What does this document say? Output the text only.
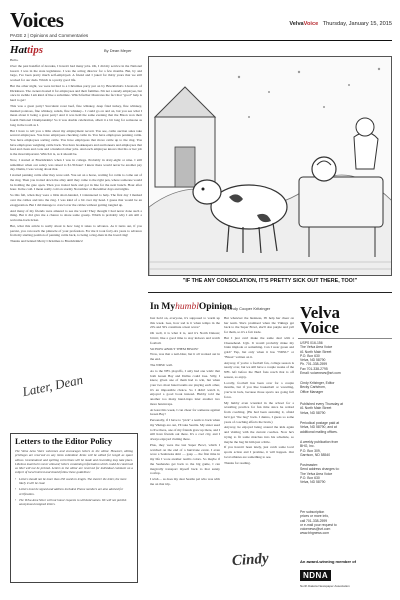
Voices	VelvaVoice Thursday, January 15, 2015
PAGE 2 | Opinions and Commentaries
Hattips	By Dean Meyer

Hello.

Over the past handful of decades, I haven't had many jobs. Oh, I did my service in the National Guard. I was in the state legislature. I was the acting director for a few months. But, by and large, I've been pretty much self-employed. A friend and I joked for thirty years that we still worked for our dads. Which is a pretty good life.

But the other night, we were invited to a Christmas party put on by Bruckbrink's Livestock of Dickinson. The owners hosted it for employees and their families. I'm not a steady employee, but once in awhile I am kind of like a substitute. Which further illustrates the fact that "good" help is hard to get!

This was a great party! Succulent roast beef, fine whiskey, deep fried turkey, fine whiskey, mashed potatoes, fine whiskey, salads, fine whiskey... I could go on and on, but you see what I mean about it being a great party! And it was held the same evening that the Bison won their fourth National Championship! So it was double celebration, albeit it a bit long for someone as long in the tooth as I.

But I have to tell you a little about my employment record. You see, cattle auction sales take several employees. You have employees checking cattle in. You have employees penning cattle. You have employees sorting cattle. You have employees that move cattle up to the ring. You have employees weighing cattle back. You have bookkeepers and auctioneers and employees that feed and clean and cook and a hundred other jobs. And each employee knows that his or her job is the most important. Which it is, as it should be.

Now, I started at Bruckbrink's when I was in college. Probably in sixty-eight or nine. I still remember when our salary was raised to $1.35/hour! I knew there would never be another pay day. Damn, I was wrong about that.

I started penning cattle after they were sold. You sat on a horse, waiting for cattle to come out of the ring. Then you trotted down the alley until they came to the right pen, where someone would be holding the gate open. Then you trotted back and got in line for the next bunch. Hour after hour. In the cold. I mean really cold on stormy November or December days and nights.

So this fall, when they were a little short-handed, I volunteered to help. The first day I marked over the cables and into the ring. I was kind of a bit over my head. I guess that would be an exaggeration. But I did manage to crawl over the cables without getting tangled up.

And many of my friends were amazed to see me work! They thought I had never done such a thing. But it did give me a chance to share some gossip. Which is probably why I am still a welcome-back ticket.

But, what this article is really about is how long it takes to advance. As it turns out, if you persist, you can reach the pinnacle of your profession. For me it took forty-six years to advance from my starting position of penning cattle back, to being a ring-man in the board ring!

Thanks and belated Merry Christmas to Bruckbrink's!

Later, Dean
"IF THE ANY CONSOLATION, IT'S PRETTY SICK OUT THERE, TOO!"
In MyhumblOpinion
By Cindy Cooper Kritzinger

Just hold on, everyone, it's supposed to warm up this week. Gee, how sad is it when temps in the 20's and 30's constitute a heat wave?

Oh well, it is what it is, and it's North Dakota; brrrrrr, like a good time to stay indoors and watch football.

SO HOW ABOUT THEM BISON?

Wow, was that a nail-biter, but it all worked out in the end.

The NDSU wall.

As to the NFL playoffs, I only had one wish: that both Green Bay and Dallas could lose. Silly, I know, given one of them had to win, but when your two most hated teams are playing each other, it's an impossible choice. So I didn't watch it, enjoyed a good book instead. Hubby told me another too many hand-traps later another two more hand-traps.

At least this week, I can cheer for someone against Green Bay!

Personally, if I have to "pick" a team to back when my Vikings are out, I'll take Seattle. My sister used to live there, one of my friends grew up there, and I still have friends out there. It's a cool city, and I always enjoyed visiting there.

Plus, they were the last Super Bowl, which I watched on the end of a hurricane event. I even wore a Seahawks shirt — gasp — the first time in my life I wore another team's colors. So maybe if the Seahawks get back to the big game, I can magically transport myself back to that sunny rooftop.

I wish ... as does my dear Seattle pal who was with me on that trip.

But whatever the business, I'll help her cheer on her team. She's promised when the Vikings get back to the Super Bowl, she'll don purple and yell for them, so it's a fair trade.

But I just can't make the same deal with a Cheesehead. Ugh. It would probably make my brain implode or something. Can I wear green and gold? Yep, but only when it has "NDSU" or "Bison" written on it.

Anyway, if you're a football fan, college season is nearly over, but we still have a couple weeks of the NFL left before the Herd fans reach that is off season, so enjoy.

Locally, football has been over for a couple months, but if you like basketball or wrestling, you're in luck, because those sports are going full force.

My hubby even wrestled in the school for a wrestling practice for fun time since he retired from coaching. (He had been assisting it, afraid he'd get "the bug" back. I dunno, I guess so some years of coaching affects the brain.)

Anyway, he enjoyed being around the kids again and visiting with the current coaches. Now he's trying to fit some matches into his schedule, so maybe the bug bit him just a little.

If you haven't been lately, just catch some local sports action and I promise, it will happen. Our local athletes are something to see.

Thanks for reading.

Cindy
Letters to the Editor Policy
The Velva Area Voice welcomes and encourages letters to the editor. However, editing privileges are reserved on any items submitted. Items will be edited for length as space allows. Grammatical and spelling corrections will be made and rewording may take place. Libelous material is never allowed; letters containing information which could be construed as libel will not be printed. Letters to the editor are reserved for individual comment on a subject of local interest and should follow these guidelines:
• Letters should not be more than 250 words in length. The shorter the letter, the more likely it will be read.
• Letters must be signed and address included. Phone numbers are also advised for verification.
• The Velva Area Voice will not honor requests to withhold names. We will not publish anonymous/unsigned letters.
Velva
Voice
USPS 016-156
The Velva Area Voice
#1 North Main Street
P.O. Box 630
Velva, ND 58790
Ph. 701-338-2599
Fax 701-338-2795
Email: voicenews@srt.com
Cindy Kritzinger, Editor
Becky Carlstrom,
Office Manager
Published every Thursday at
#1 North Main Street
Velva, ND 58790
Periodical postage paid at
Velva, ND 58790, and at
additional mailing offices.
A weekly publication from
BHG, Inc.
P.O. Box 309,
Garrison, ND 58540
Postmaster:
Send address changes to:
The Velva Area Voice
P.O. Box 630
Velva, ND 58790
Per subscription
prices or more info,
call 701-338-2599
or e-mail your request to
voicenews@srt.com
www.bhgnews.com
An award-winning member of
NDNA
North Dakota Newspaper Association
